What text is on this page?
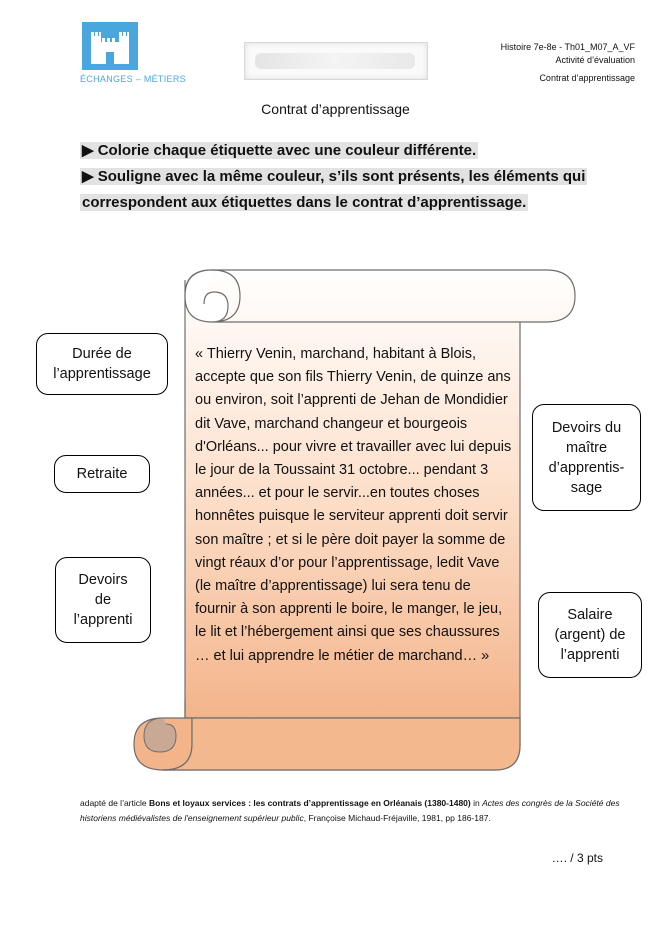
ÉCHANGES – MÉTIERS
Histoire 7e-8e - Th01_M07_A_VF
Activité d’évaluation
Contrat d’apprentissage
Contrat d’apprentissage

▶ Colorie chaque étiquette avec une couleur différente.

▶ Souligne avec la même couleur, s’ils sont présents, les éléments qui correspondent aux étiquettes dans le contrat d’apprentissage.

« Thierry Venin, marchand, habitant à Blois, accepte que son fils Thierry Venin, de quinze ans ou environ, soit l’apprenti de Jehan de Mondidier dit Vave, marchand changeur et bourgeois d'Orléans... pour vivre et travailler avec lui depuis le jour de la Toussaint 31 octobre... pendant 3 années... et pour le servir...en toutes choses honnêtes puisque le serviteur apprenti doit servir son maître ; et si le père doit payer la somme de vingt réaux d’or pour l’apprentissage, ledit Vave (le maître d’apprentissage) lui sera tenu de fournir à son apprenti le boire, le manger, le jeu, le lit et l’hébergement ainsi que ses chaussures … et lui apprendre le métier de marchand… »
Durée de
l’apprentissage
Retraite
Devoirs
de
l’apprenti
Devoirs du
maître
d’apprentis-
sage
Salaire
(argent) de
l’apprenti
adapté de l’article Bons et loyaux services : les contrats d’apprentissage en Orléanais (1380-1480) in Actes des congrès de la Société des historiens médiévalistes de l'enseignement supérieur public, Françoise Michaud-Fréjaville, 1981, pp 186-187.
…. / 3 pts
